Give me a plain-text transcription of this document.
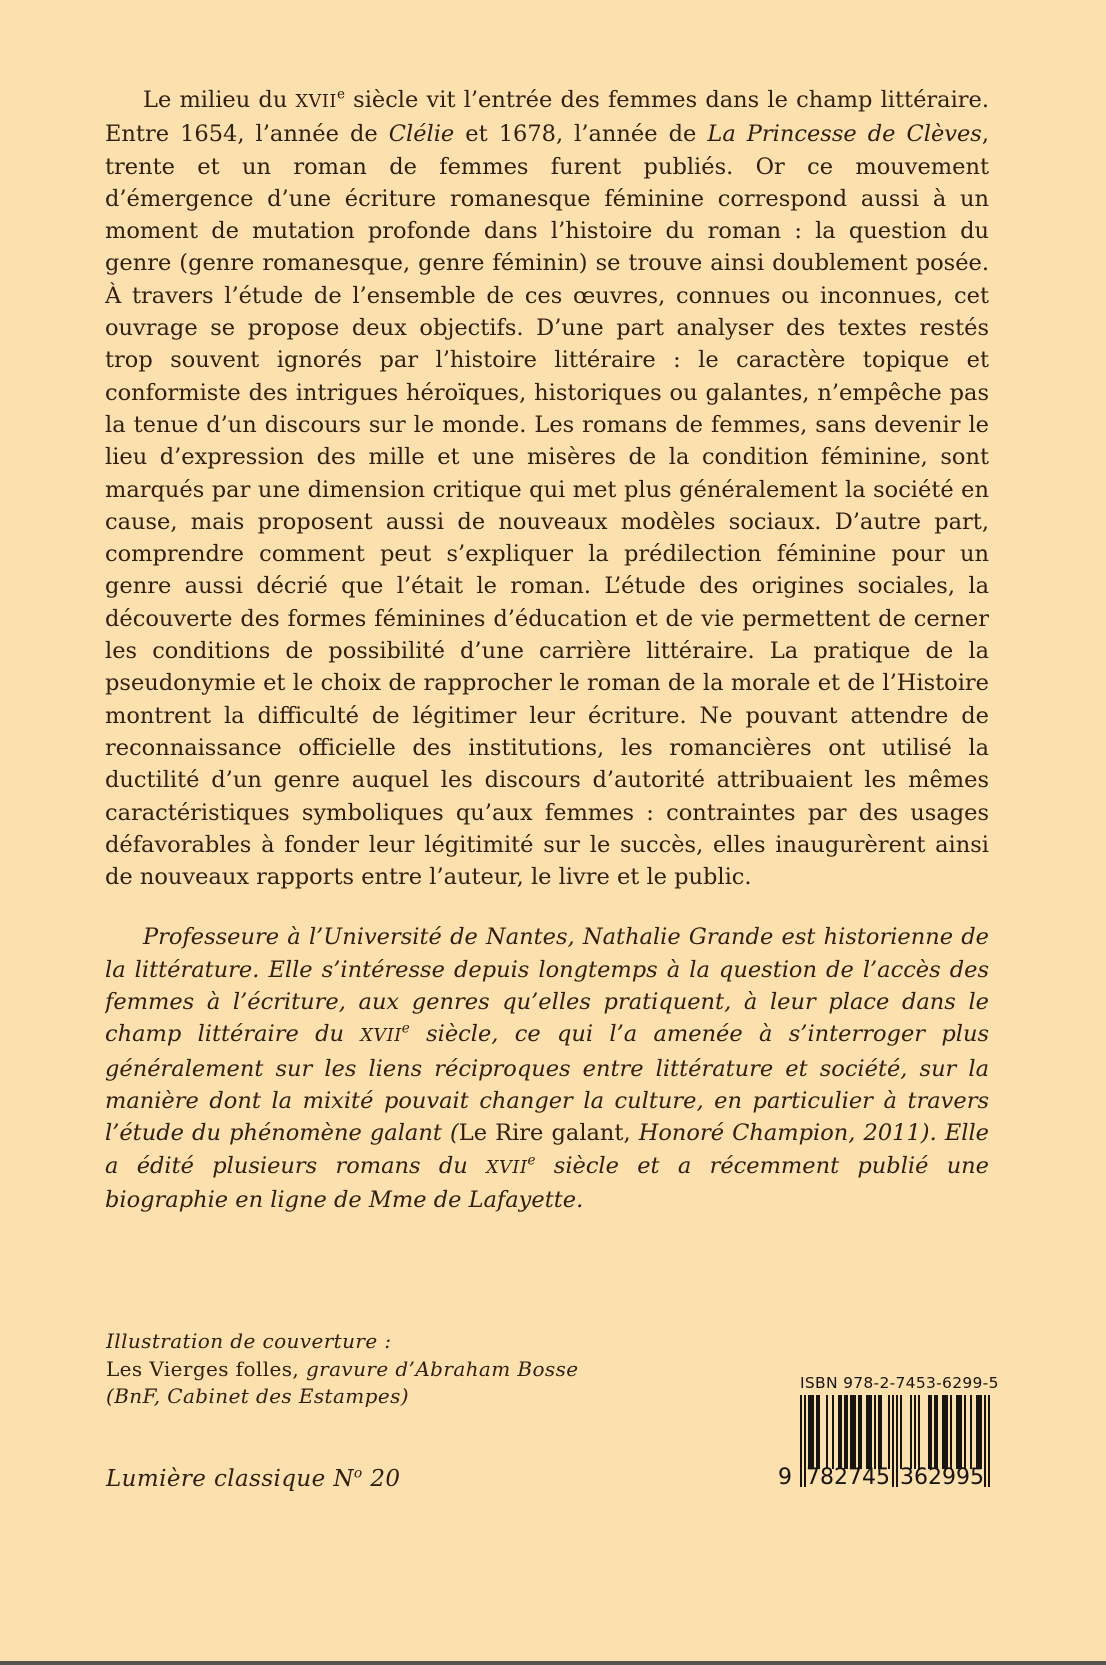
Le milieu du XVIIe siècle vit l’entrée des femmes dans le champ littéraire. Entre 1654, l’année de Clélie et 1678, l’année de La Princesse de Clèves, trente et un roman de femmes furent publiés. Or ce mouvement d’émergence d’une écriture romanesque féminine correspond aussi à un moment de mutation profonde dans l’histoire du roman : la question du genre (genre romanesque, genre féminin) se trouve ainsi doublement posée. À travers l’étude de l’ensemble de ces œuvres, connues ou inconnues, cet ouvrage se propose deux objectifs. D’une part analyser des textes restés trop souvent ignorés par l’histoire littéraire : le caractère topique et conformiste des intrigues héroïques, historiques ou galantes, n’empêche pas la tenue d’un discours sur le monde. Les romans de femmes, sans devenir le lieu d’expression des mille et une misères de la condition féminine, sont marqués par une dimension critique qui met plus généralement la société en cause, mais proposent aussi de nouveaux modèles sociaux. D’autre part, comprendre comment peut s’expliquer la prédilection féminine pour un genre aussi décrié que l’était le roman. L’étude des origines sociales, la découverte des formes féminines d’éducation et de vie permettent de cerner les conditions de possibilité d’une carrière littéraire. La pratique de la pseudonymie et le choix de rapprocher le roman de la morale et de l’Histoire montrent la difficulté de légitimer leur écriture. Ne pouvant attendre de reconnaissance officielle des institutions, les romancières ont utilisé la ductilité d’un genre auquel les discours d’autorité attribuaient les mêmes caractéristiques symboliques qu’aux femmes : contraintes par des usages défavorables à fonder leur légitimité sur le succès, elles inaugurèrent ainsi de nouveaux rapports entre l’auteur, le livre et le public.

Professeure à l’Université de Nantes, Nathalie Grande est historienne de la littérature. Elle s’intéresse depuis longtemps à la question de l’accès des femmes à l’écriture, aux genres qu’elles pratiquent, à leur place dans le champ littéraire du XVIIe siècle, ce qui l’a amenée à s’interroger plus généralement sur les liens réciproques entre littérature et société, sur la manière dont la mixité pouvait changer la culture, en particulier à travers l’étude du phénomène galant (Le Rire galant, Honoré Champion, 2011). Elle a édité plusieurs romans du XVIIe siècle et a récemment publié une biographie en ligne de Mme de Lafayette.

Illustration de couverture :
Les Vierges folles, gravure d’Abraham Bosse
(BnF, Cabinet des Estampes)
Lumière classique $N^o$ 20
ISBN 978-2-7453-6299-5
9 782745 362995
